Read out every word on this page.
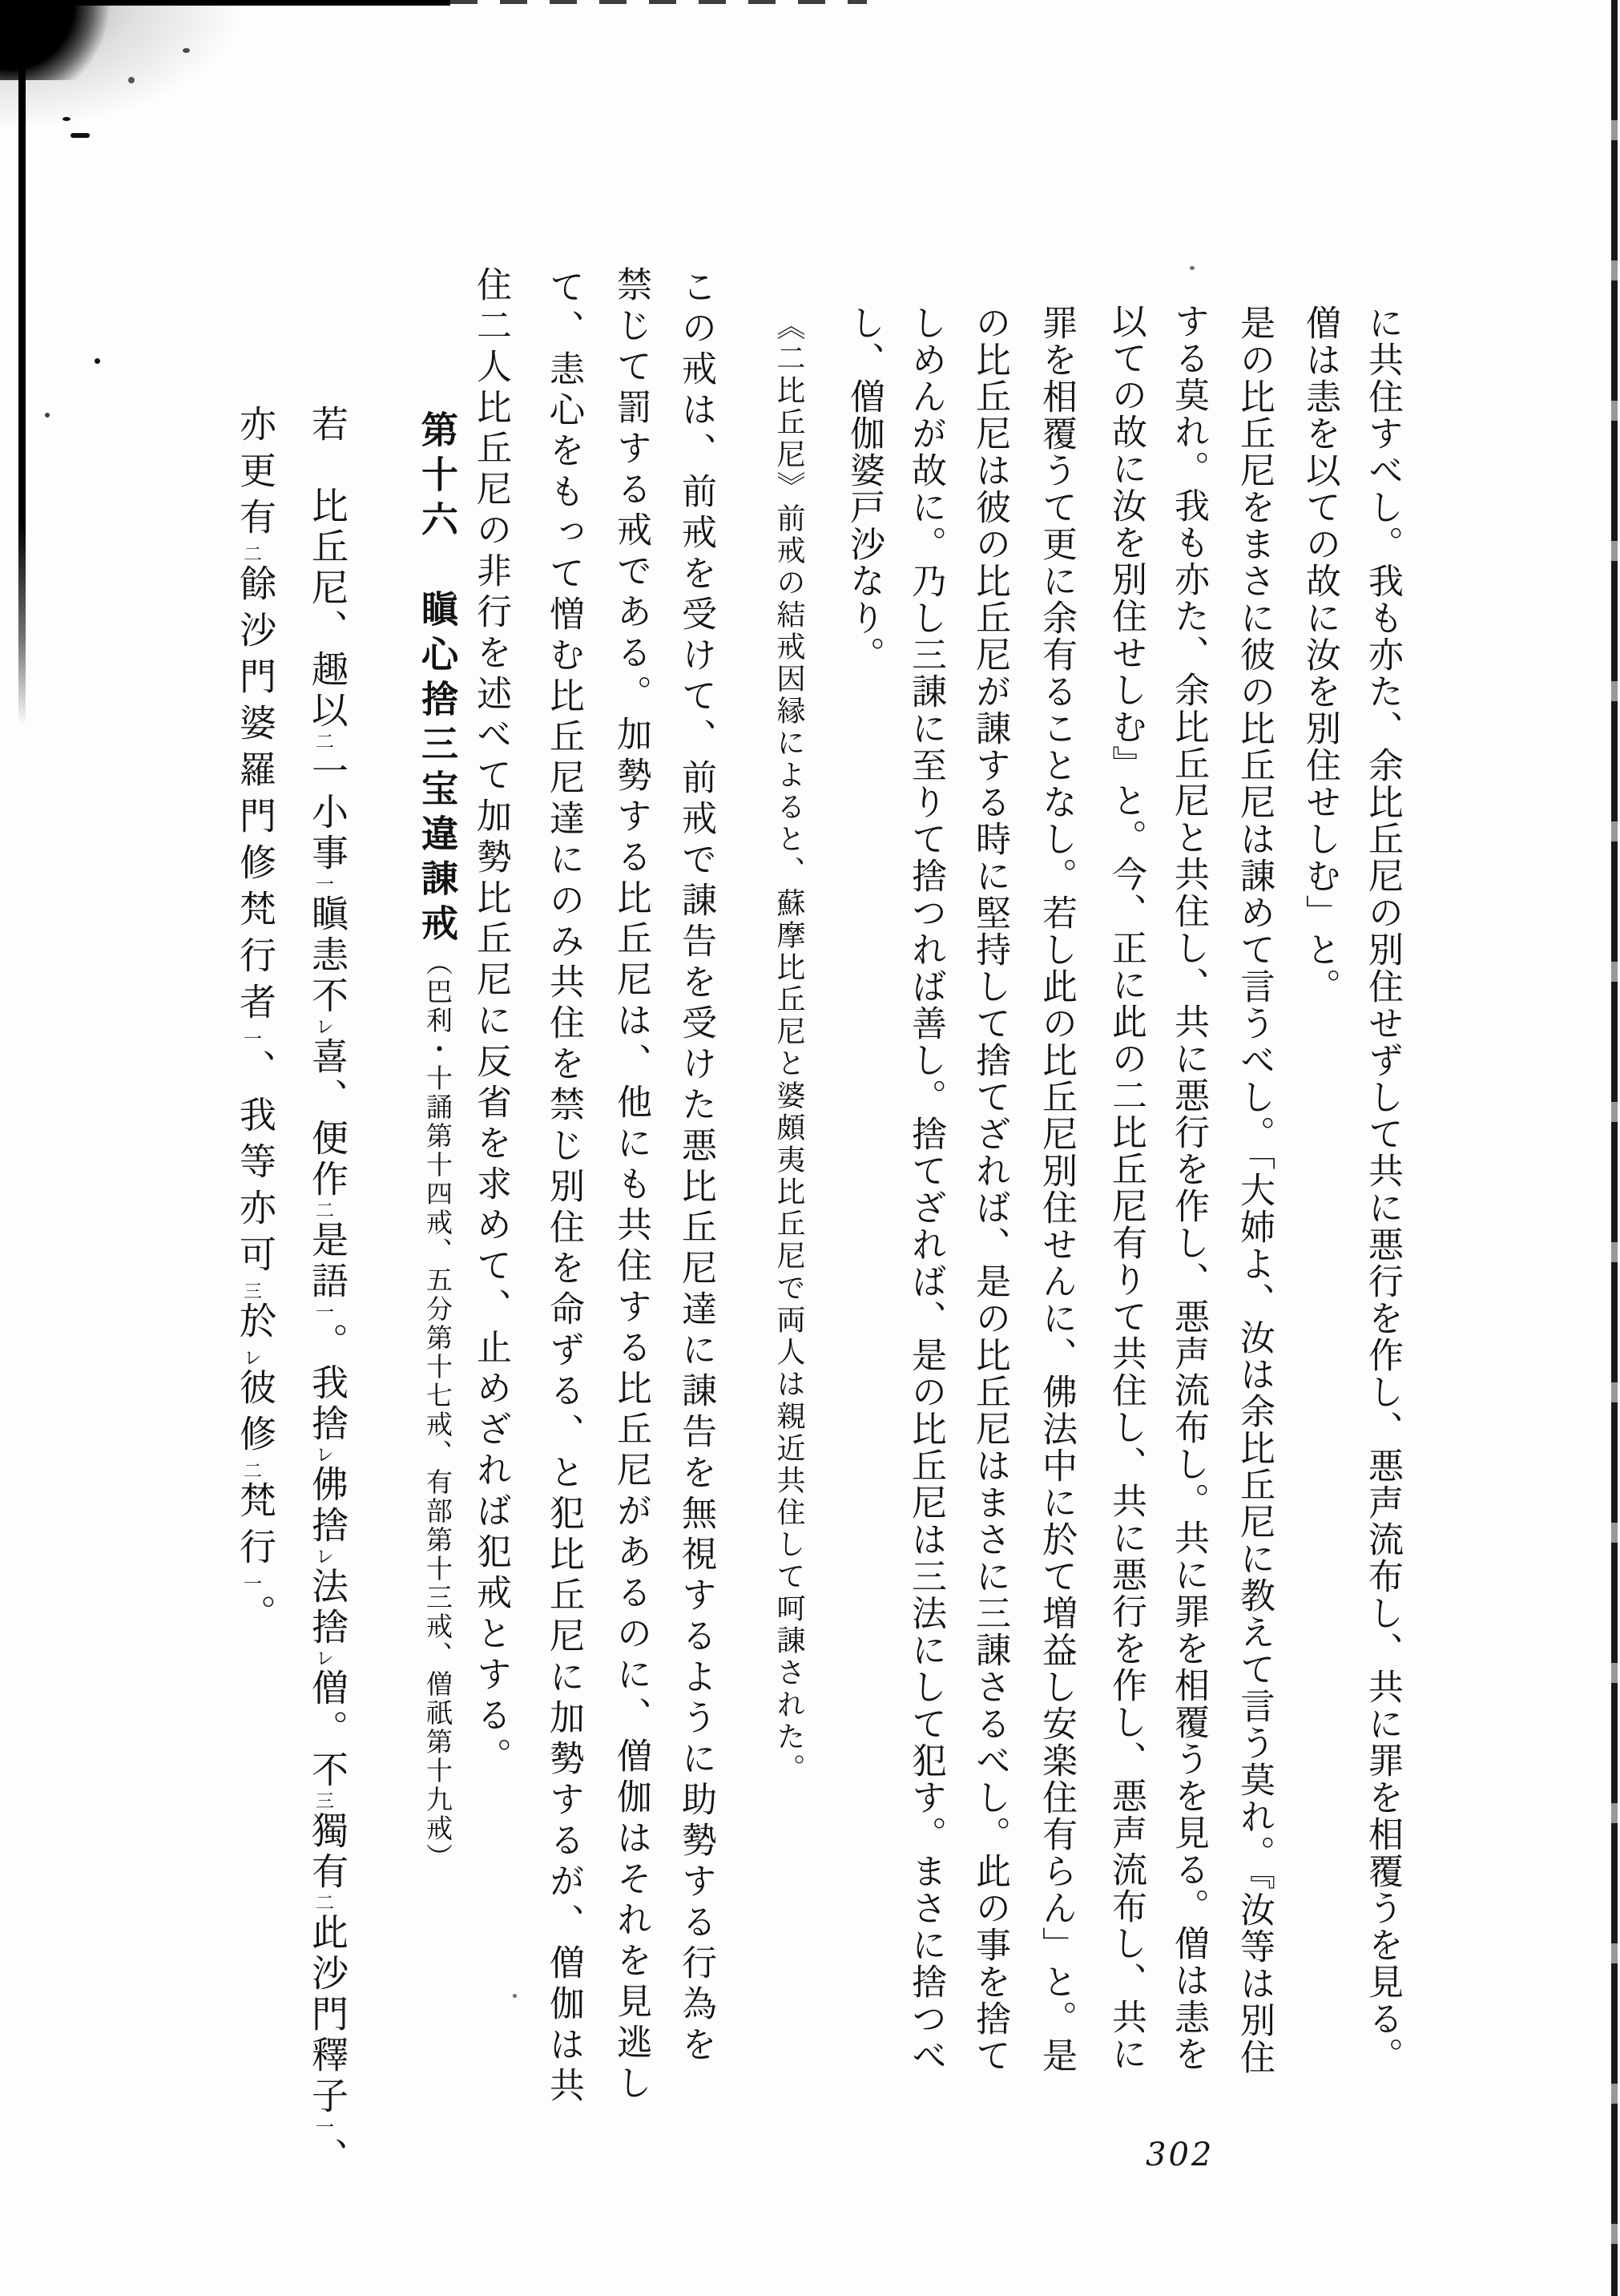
に共住すべし。我も亦た、余比丘尼の別住せずして共に悪行を作し、悪声流布し、共に罪を相覆うを見る。
僧は恚を以ての故に汝を別住せしむ」と。
是の比丘尼をまさに彼の比丘尼は諌めて言うべし。「大姉よ、汝は余比丘尼に教えて言う莫れ。『汝等は別住
する莫れ。我も亦た、余比丘尼と共住し、共に悪行を作し、悪声流布し。共に罪を相覆うを見る。僧は恚を
以ての故に汝を別住せしむ』と。今、正に此の二比丘尼有りて共住し、共に悪行を作し、悪声流布し、共に
罪を相覆うて更に余有ることなし。若し此の比丘尼別住せんに、佛法中に於て増益し安楽住有らん」と。是
の比丘尼は彼の比丘尼が諌する時に堅持して捨てざれば、是の比丘尼はまさに三諌さるべし。此の事を捨て
しめんが故に。乃し三諌に至りて捨つれば善し。捨てざれば、是の比丘尼は三法にして犯す。まさに捨つべ
し、僧伽婆戸沙なり。
《二比丘尼》前戒の結戒因縁によると、蘇摩比丘尼と婆頗夷比丘尼で両人は親近共住して呵諌された。
この戒は、前戒を受けて、前戒で諌告を受けた悪比丘尼達に諌告を無視するように助勢する行為を
禁じて罰する戒である。加勢する比丘尼は、他にも共住する比丘尼があるのに、僧伽はそれを見逃し
て、恚心をもって憎む比丘尼達にのみ共住を禁じ別住を命ずる、と犯比丘尼に加勢するが、僧伽は共
住二人比丘尼の非行を述べて加勢比丘尼に反省を求めて、止めざれば犯戒とする。
第十六　瞋心捨三宝違諌戒（巴利・十誦第十四戒、五分第十七戒、有部第十三戒、僧祇第十九戒）
若　比丘尼、趣以二一小事一瞋恚不レ喜、便作二是語一。我捨レ佛捨レ法捨レ僧。不三獨有二此沙門釋子一、
亦更有二餘沙門婆羅門修梵行者一、我等亦可三於レ彼修二梵行一。
302
